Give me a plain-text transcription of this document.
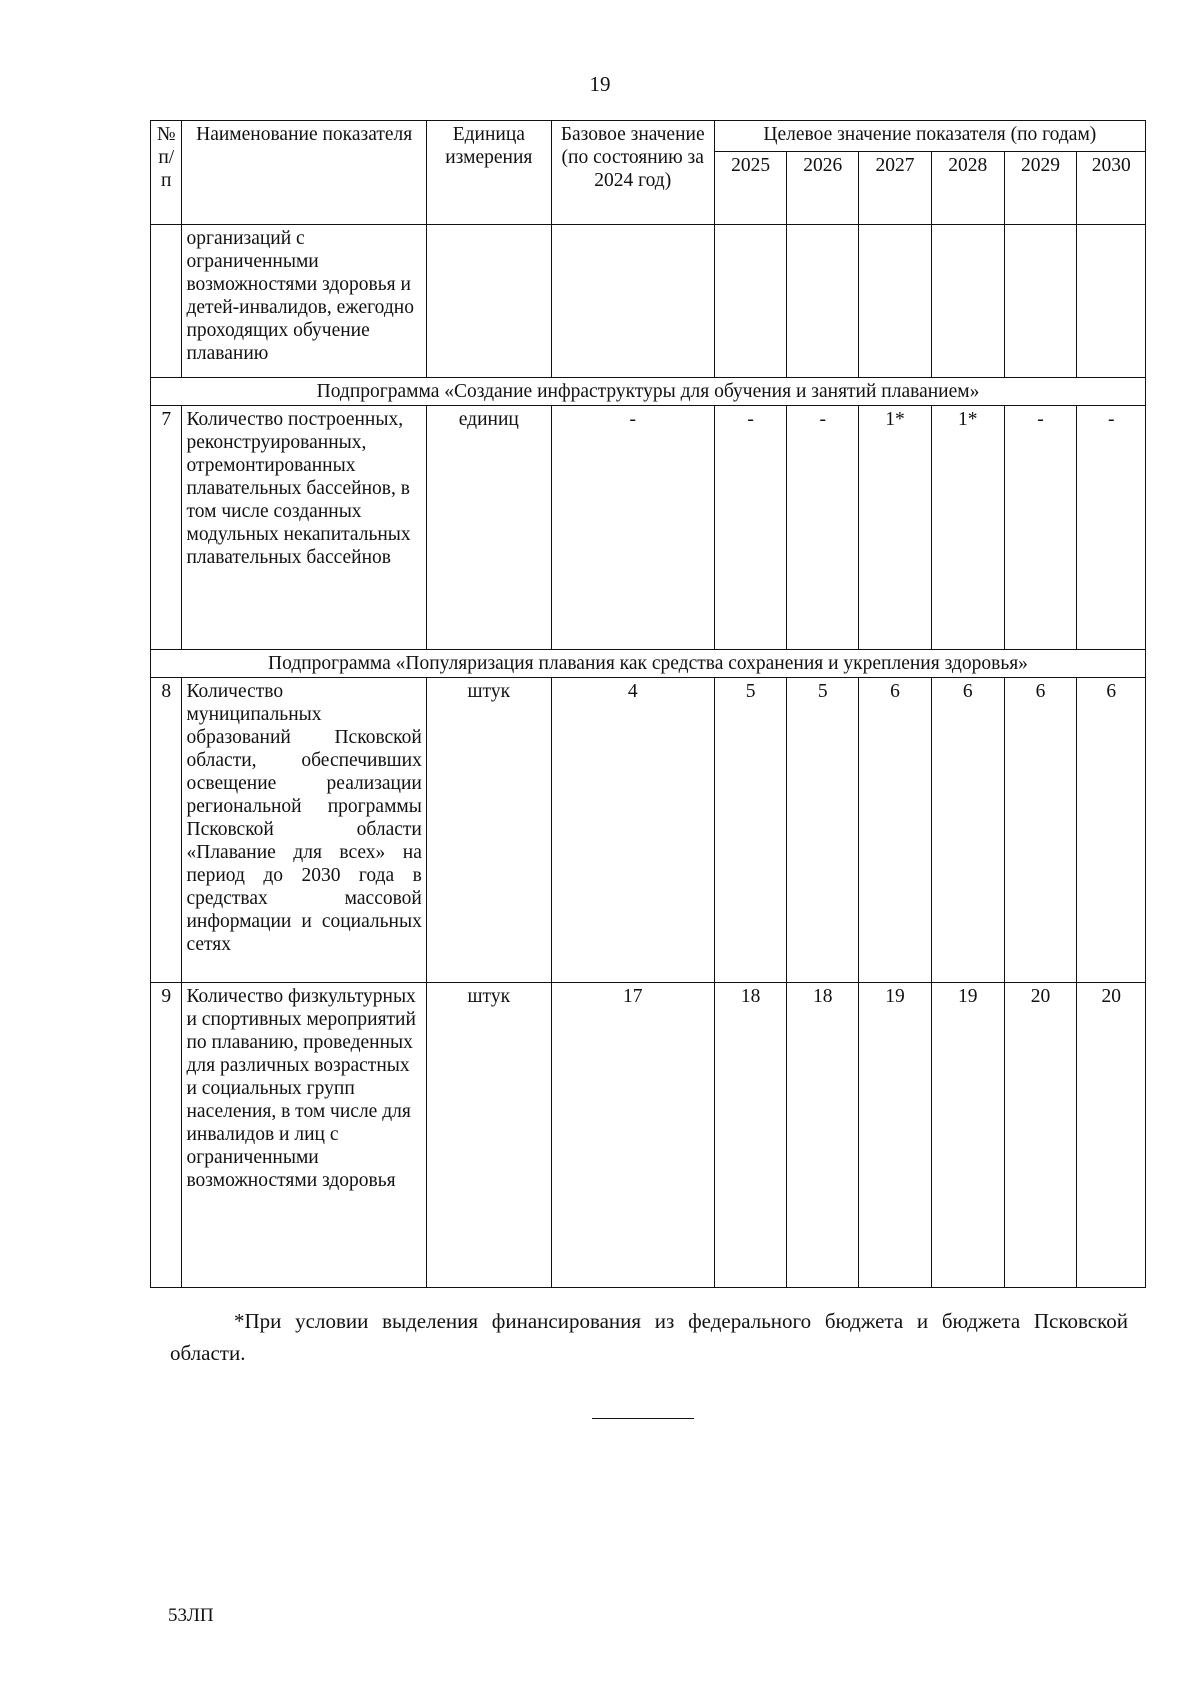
19
№ п/п	Наименование показателя	Единица измерения	Базовое значение (по состоянию за 2024 год)	Целевое значение показателя (по годам)					
				2025	2026	2027	2028	2029	2030
	организаций с ограниченными возможностями здоровья и детей-инвалидов, ежегодно проходящих обучение плаванию								
Подпрограмма «Создание инфраструктуры для обучения и занятий плаванием»									
7	Количество построенных, реконструированных, отремонтированных плавательных бассейнов, в том числе созданных модульных некапитальных плавательных бассейнов	единиц	-	-	-	1*	1*	-	-
Подпрограмма «Популяризация плавания как средства сохранения и укрепления здоровья»									
8	Количество муниципальных образований Псковской области, обеспечивших освещение реализации региональной программы Псковской области «Плавание для всех» на период до 2030 года в средствах массовой информации и социальных сетях	штук	4	5	5	6	6	6	6
9	Количество физкультурных и спортивных мероприятий по плаванию, проведенных для различных возрастных и социальных групп населения, в том числе для инвалидов и лиц с ограниченными возможностями здоровья	штук	17	18	18	19	19	20	20
*При условии выделения финансирования из федерального бюджета и бюджета Псковской области.
53ЛП
